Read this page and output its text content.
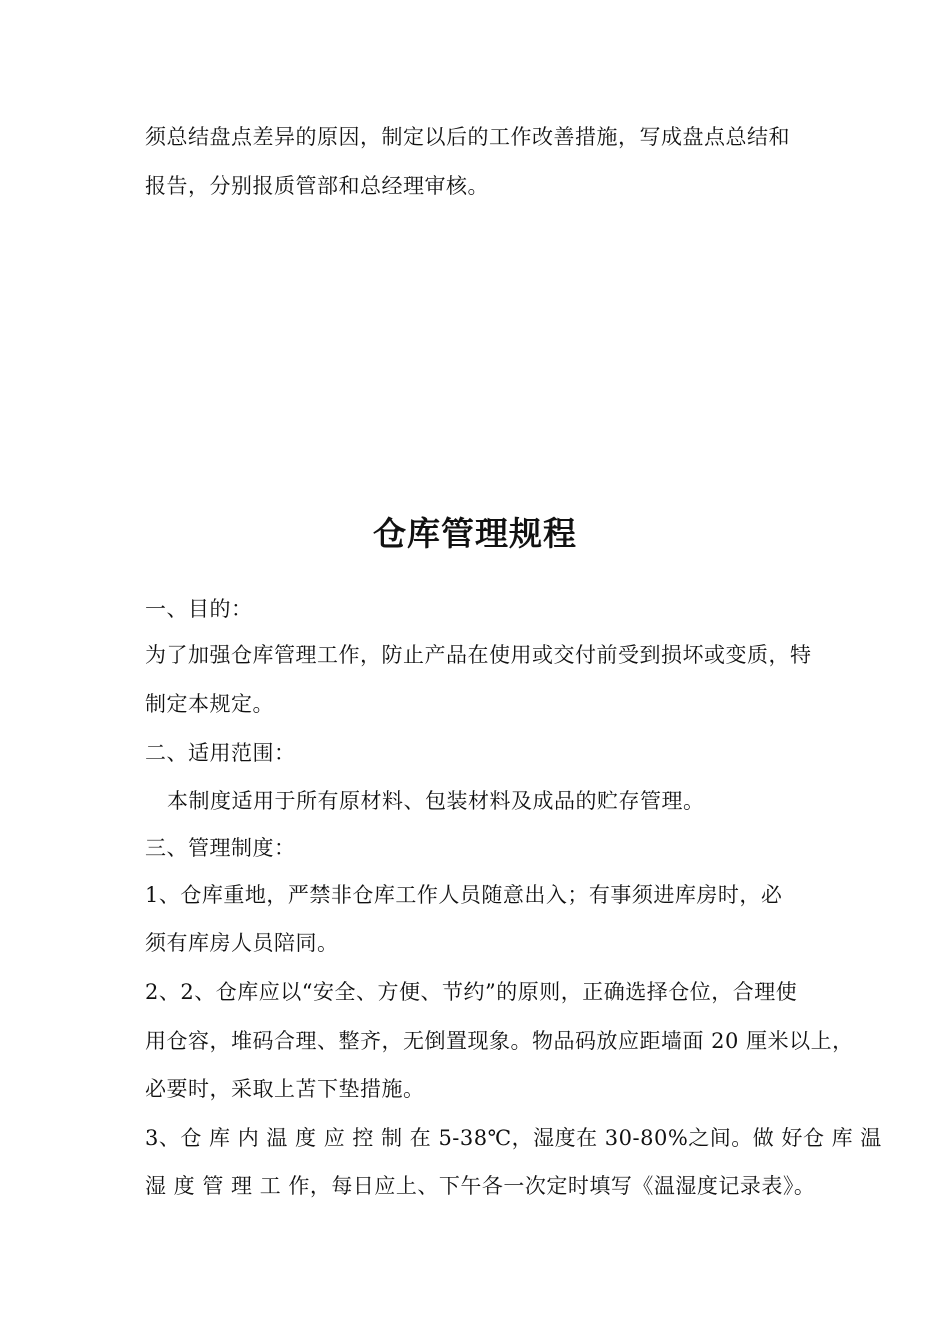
须总结盘点差异的原因，制定以后的工作改善措施，写成盘点总结和
报告，分别报质管部和总经理审核。
仓库管理规程
一、目的：
为了加强仓库管理工作，防止产品在使用或交付前受到损坏或变质，特
制定本规定。
二、适用范围：
本制度适用于所有原材料、包装材料及成品的贮存管理。
三、管理制度：
1、仓库重地，严禁非仓库工作人员随意出入；有事须进库房时，必
须有库房人员陪同。
2、2、仓库应以“安全、方便、节约”的原则，正确选择仓位，合理使
用仓容，堆码合理、整齐，无倒置现象。物品码放应距墙面 20 厘米以上，
必要时，采取上苫下垫措施。
3、仓 库 内 温 度 应 控 制 在 5-38℃，湿度在 30-80%之间。做 好仓 库 温
湿 度 管 理 工 作，每日应上、下午各一次定时填写《温湿度记录表》。
